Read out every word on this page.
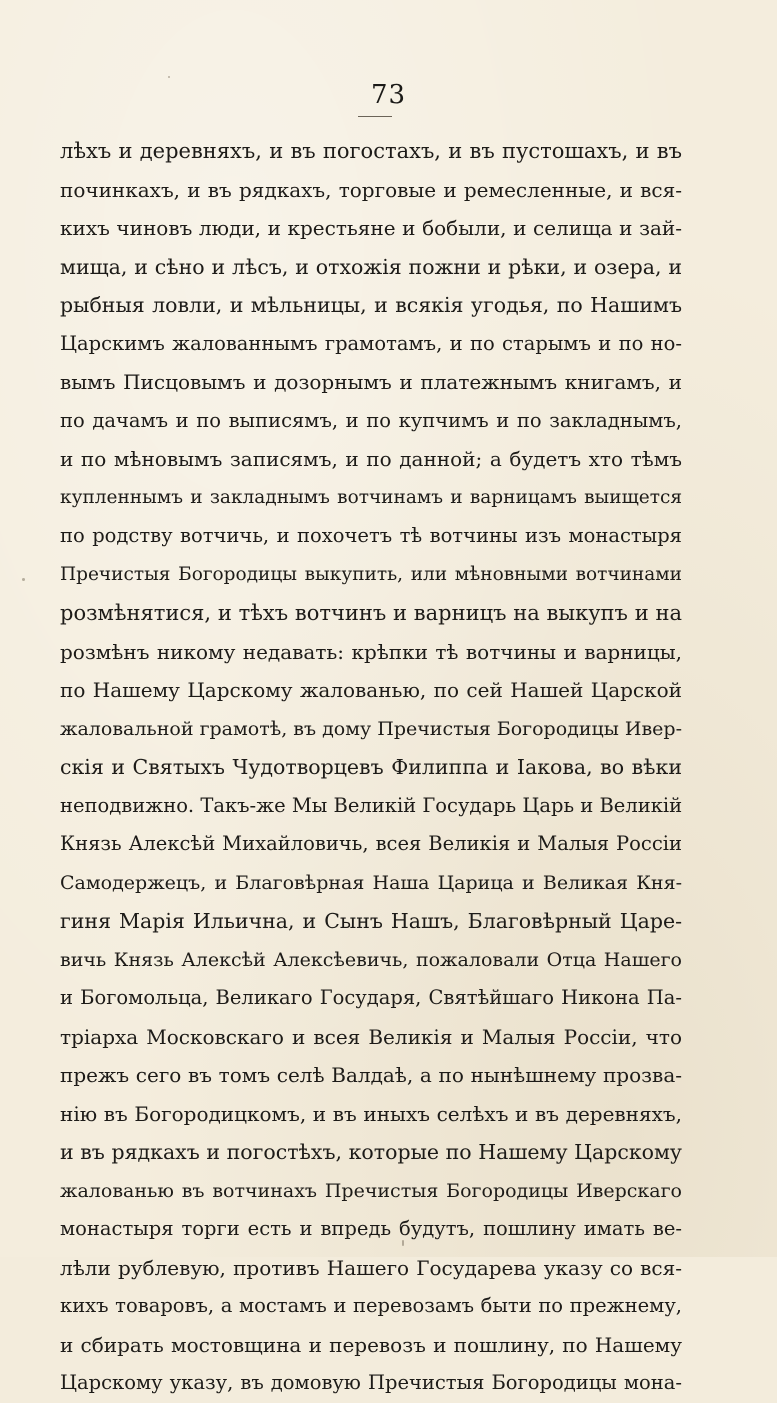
73
лѣхъ и деревняхъ, и въ погостахъ, и въ пустошахъ, и въ
починкахъ, и въ рядкахъ, торговые и ремесленные, и вся-
кихъ чиновъ люди, и крестьяне и бобыли, и селища и зай-
мища, и сѣно и лѣсъ, и отхожія пожни и рѣки, и озера, и
рыбныя ловли, и мѣльницы, и всякія угодья, по Нашимъ
Царскимъ жалованнымъ грамотамъ, и по старымъ и по но-
вымъ Писцовымъ и дозорнымъ и платежнымъ книгамъ, и
по дачамъ и по выписямъ, и по купчимъ и по закладнымъ,
и по мѣновымъ записямъ, и по данной; а будетъ хто тѣмъ
купленнымъ и закладнымъ вотчинамъ и варницамъ выищется
по родству вотчичь, и похочетъ тѣ вотчины изъ монастыря
Пречистыя Богородицы выкупить, или мѣновными вотчинами
розмѣнятися, и тѣхъ вотчинъ и варницъ на выкупъ и на
розмѣнъ никому недавать: крѣпки тѣ вотчины и варницы,
по Нашему Царскому жалованью, по сей Нашей Царской
жаловальной грамотѣ, въ дому Пречистыя Богородицы Ивер-
скія и Святыхъ Чудотворцевъ Филиппа и Іакова, во вѣки
неподвижно. Такъ-же Мы Великій Государь Царь и Великій
Князь Алексѣй Михайловичь, всея Великія и Малыя Россіи
Самодержецъ, и Благовѣрная Наша Царица и Великая Кня-
гиня Марія Ильична, и Сынъ Нашъ, Благовѣрный Царе-
вичь Князь Алексѣй Алексѣевичь, пожаловали Отца Нашего
и Богомольца, Великаго Государя, Святѣйшаго Никона Па-
тріарха Московскаго и всея Великія и Малыя Россіи, что
прежъ сего въ томъ селѣ Валдаѣ, а по нынѣшнему прозва-
нію въ Богородицкомъ, и въ иныхъ селѣхъ и въ деревняхъ,
и въ рядкахъ и погостѣхъ, которые по Нашему Царскому
жалованью въ вотчинахъ Пречистыя Богородицы Иверскаго
монастыря торги есть и впредь будутъ, пошлину имать ве-
лѣли рублевую, противъ Нашего Государева указу со вся-
кихъ товаровъ, а мостамъ и перевозамъ быти по прежнему,
и сбирать мостовщина и перевозъ и пошлину, по Нашему
Царскому указу, въ домовую Пречистыя Богородицы мона-
